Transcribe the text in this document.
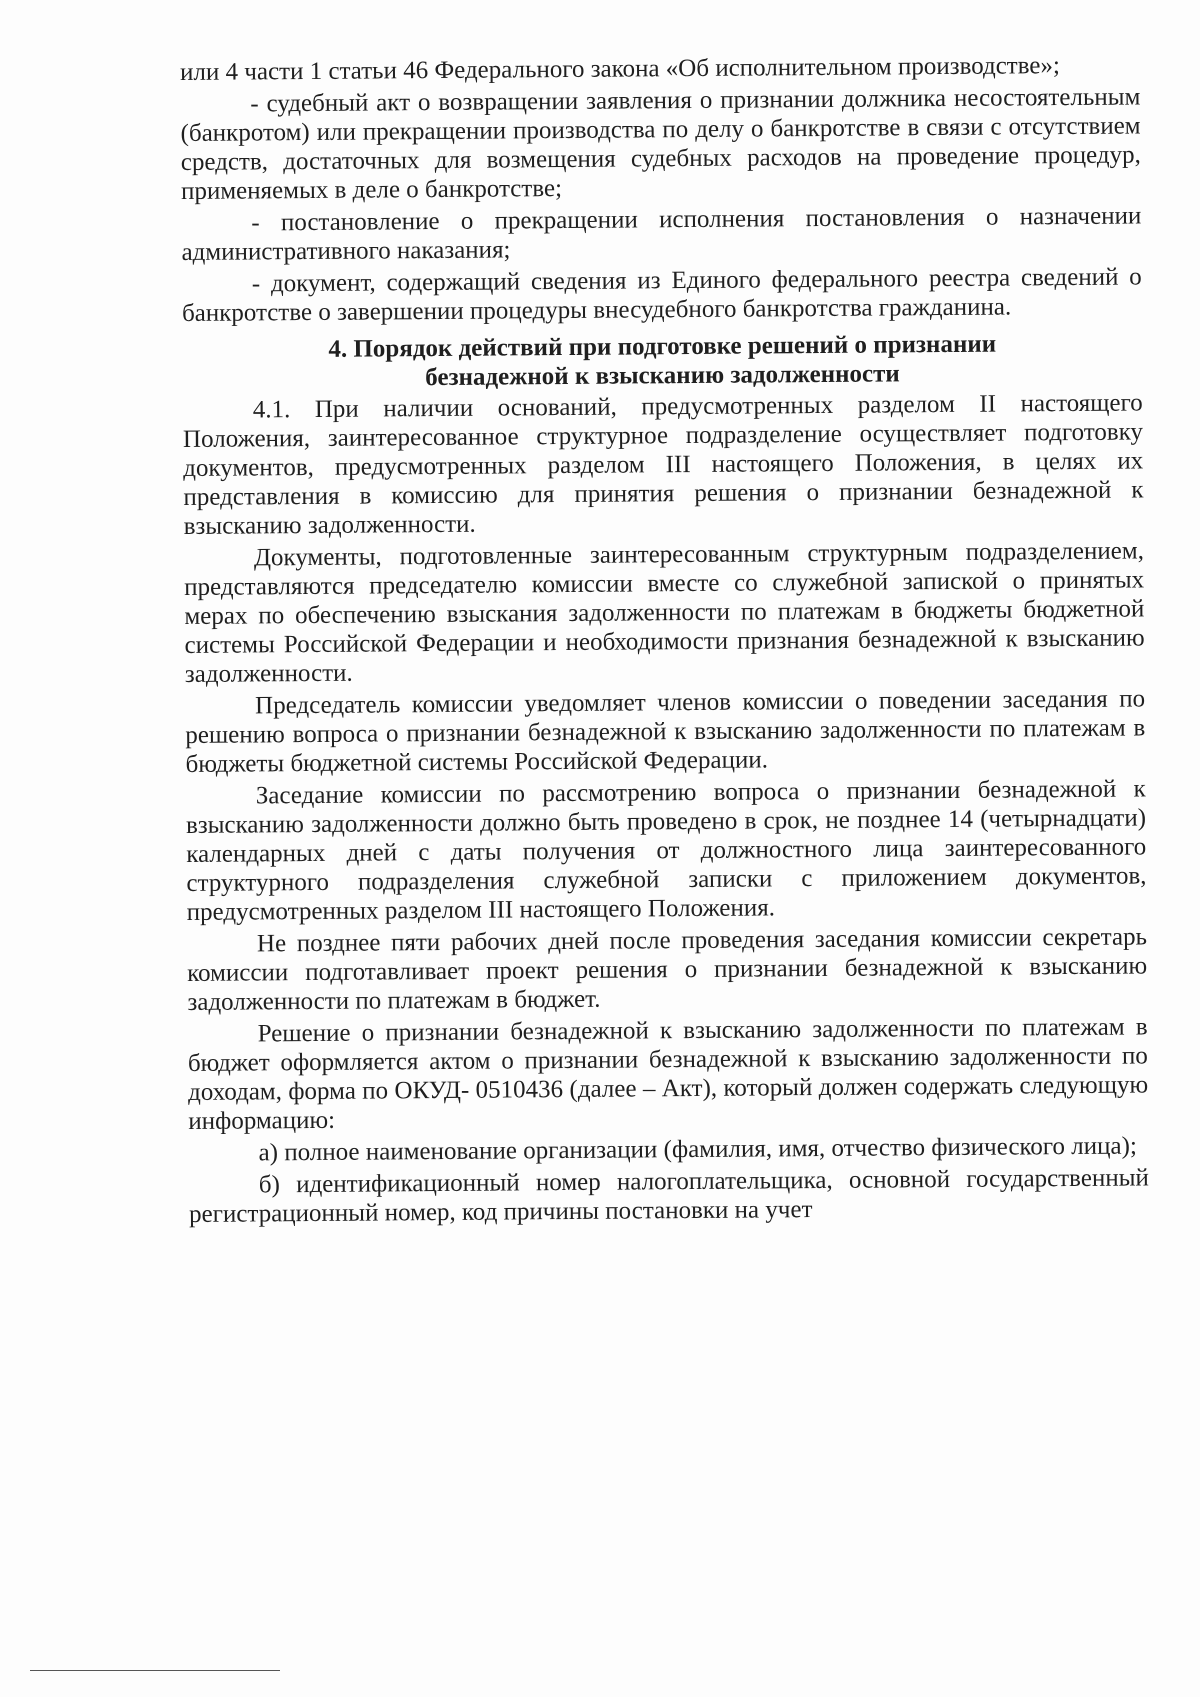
или 4 части 1 статьи 46 Федерального закона «Об исполнительном производстве»;

- судебный акт о возвращении заявления о признании должника несостоятельным (банкротом) или прекращении производства по делу о банкротстве в связи с отсутствием средств, достаточных для возмещения судебных расходов на проведение процедур, применяемых в деле о банкротстве;

- постановление о прекращении исполнения постановления о назначении административного наказания;

- документ, содержащий сведения из Единого федерального реестра сведений о банкротстве о завершении процедуры внесудебного банкротства гражданина.

4. Порядок действий при подготовке решений о признании
безнадежной к взысканию задолженности

4.1. При наличии оснований, предусмотренных разделом II настоящего Положения, заинтересованное структурное подразделение осуществляет подготовку документов, предусмотренных разделом III настоящего Положения, в целях их представления в комиссию для принятия решения о признании безнадежной к взысканию задолженности.

Документы, подготовленные заинтересованным структурным подразделением, представляются председателю комиссии вместе со служебной запиской о принятых мерах по обеспечению взыскания задолженности по платежам в бюджеты бюджетной системы Российской Федерации и необходимости признания безнадежной к взысканию задолженности.

Председатель комиссии уведомляет членов комиссии о поведении заседания по решению вопроса о признании безнадежной к взысканию задолженности по платежам в бюджеты бюджетной системы Российской Федерации.

Заседание комиссии по рассмотрению вопроса о признании безнадежной к взысканию задолженности должно быть проведено в срок, не позднее 14 (четырнадцати) календарных дней с даты получения от должностного лица заинтересованного структурного подразделения служебной записки с приложением документов, предусмотренных разделом III настоящего Положения.

Не позднее пяти рабочих дней после проведения заседания комиссии секретарь комиссии подготавливает проект решения о признании безнадежной к взысканию задолженности по платежам в бюджет.

Решение о признании безнадежной к взысканию задолженности по платежам в бюджет оформляется актом о признании безнадежной к взысканию задолженности по доходам, форма по ОКУД- 0510436 (далее – Акт), который должен содержать следующую информацию:

а) полное наименование организации (фамилия, имя, отчество физического лица);

б) идентификационный номер налогоплательщика, основной государственный регистрационный номер, код причины постановки на учет
